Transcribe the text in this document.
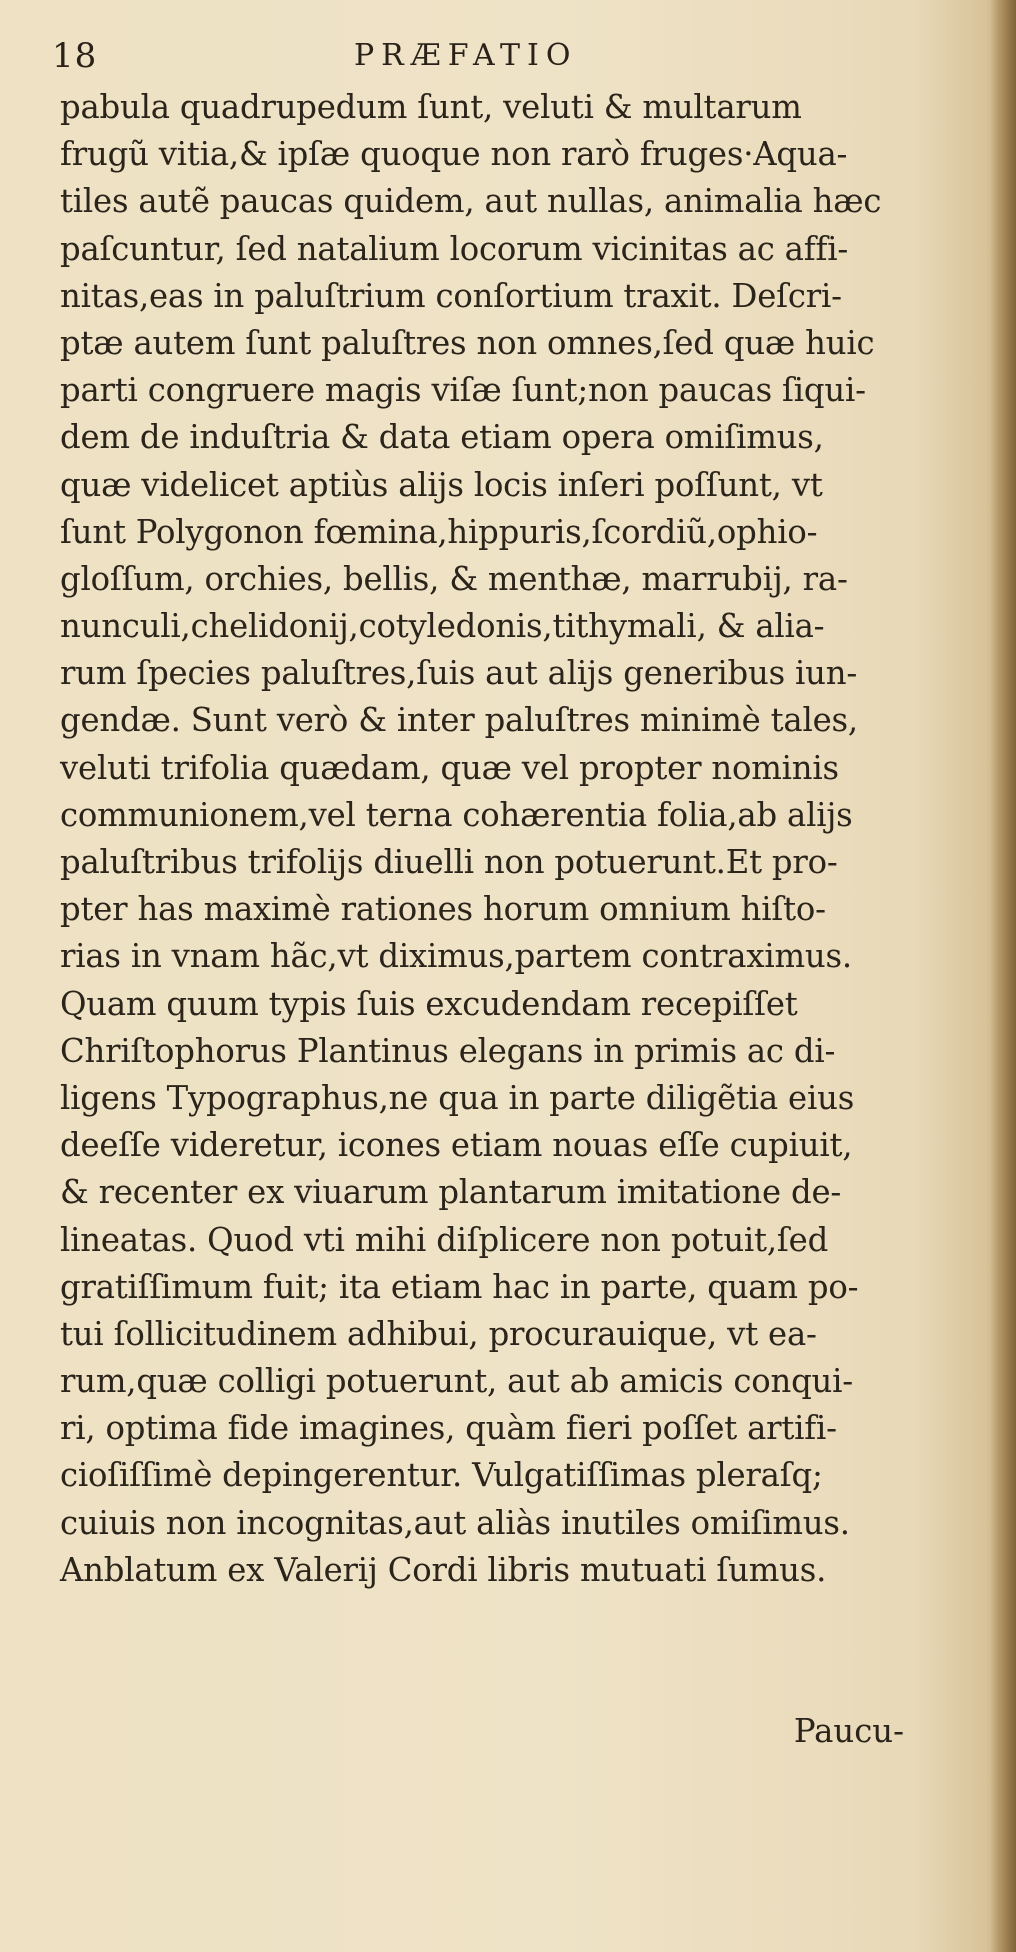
18	PRÆFATIO
pabula quadrupedum ſunt, veluti & multarum
frugũ vitia,& ipſæ quoque non rarò fruges·Aqua-
tiles autẽ paucas quidem, aut nullas, animalia hæc
paſcuntur, ſed natalium locorum vicinitas ac affi-
nitas,eas in paluſtrium conſortium traxit. Deſcri-
ptæ autem ſunt paluſtres non omnes,ſed quæ huic
parti congruere magis viſæ ſunt;non paucas ſiqui-
dem de induſtria & data etiam opera omiſimus,
quæ videlicet aptiùs alijs locis inſeri poſſunt, vt
ſunt Polygonon fœmina,hippuris,ſcordiũ,ophio-
gloſſum, orchies, bellis, & menthæ, marrubij, ra-
nunculi,chelidonij,cotyledonis,tithymali, & alia-
rum ſpecies paluſtres,ſuis aut alijs generibus iun-
gendæ. Sunt verò & inter paluſtres minimè tales,
veluti trifolia quædam, quæ vel propter nominis
communionem,vel terna cohærentia folia,ab alijs
paluſtribus trifolijs diuelli non potuerunt.Et pro-
pter has maximè rationes horum omnium hiſto-
rias in vnam hãc,vt diximus,partem contraximus.
Quam quum typis ſuis excudendam recepiſſet
Chriſtophorus Plantinus elegans in primis ac di-
ligens Typographus,ne qua in parte diligẽtia eius
deeſſe videretur, icones etiam nouas eſſe cupiuit,
& recenter ex viuarum plantarum imitatione de-
lineatas. Quod vti mihi diſplicere non potuit,ſed
gratiſſimum fuit; ita etiam hac in parte, quam po-
tui ſollicitudinem adhibui, procurauique, vt ea-
rum,quæ colligi potuerunt, aut ab amicis conqui-
ri, optima fide imagines, quàm fieri poſſet artifi-
cioſiſſimè depingerentur. Vulgatiſſimas pleraſq;
cuiuis non incognitas,aut aliàs inutiles omiſimus.
Anblatum ex Valerij Cordi libris mutuati ſumus.
Paucu-
